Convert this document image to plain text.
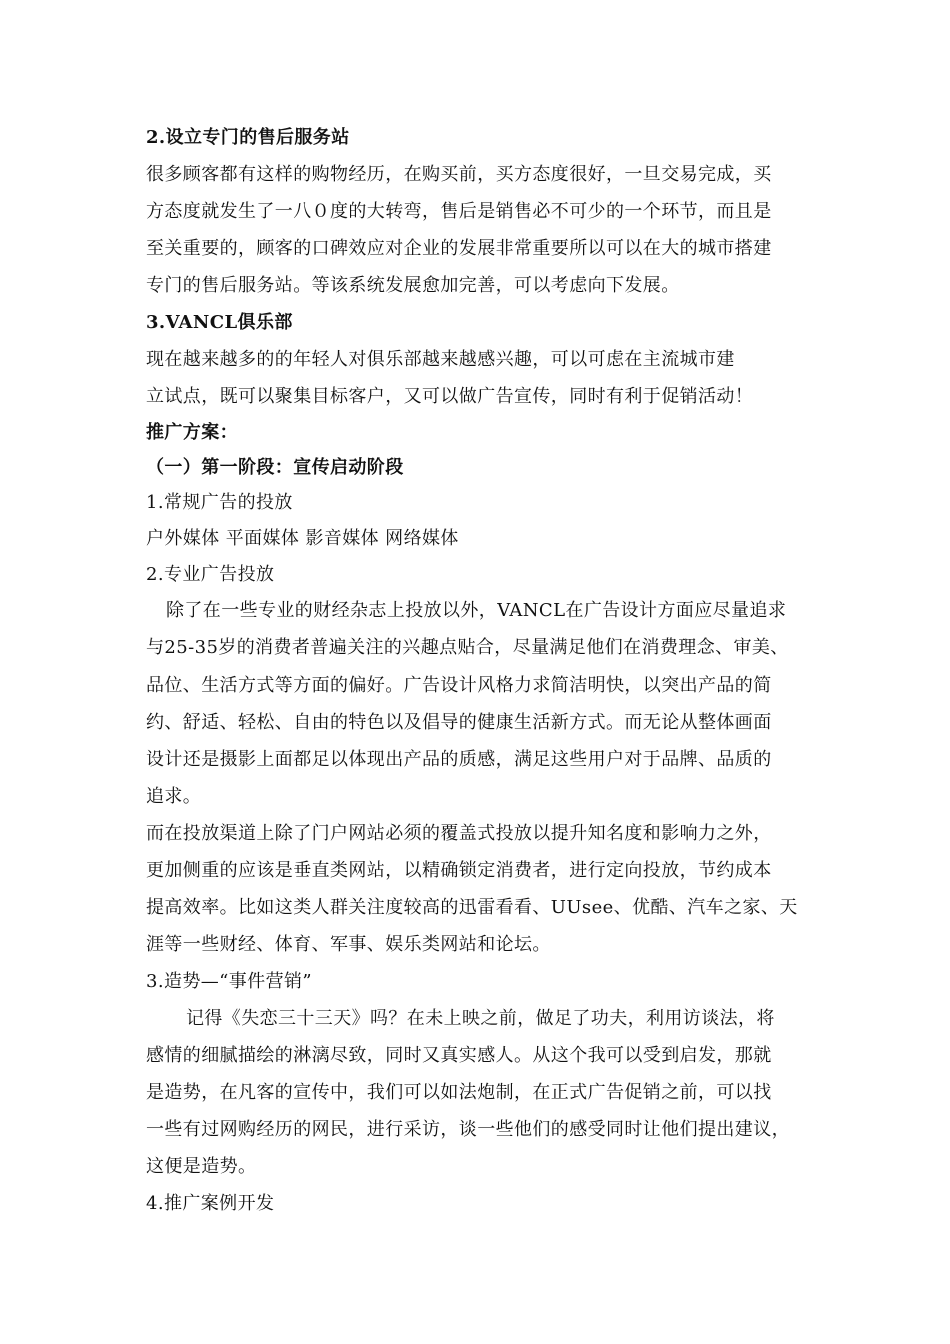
2.设立专门的售后服务站
很多顾客都有这样的购物经历，在购买前，买方态度很好，一旦交易完成，买
方态度就发生了一八０度的大转弯，售后是销售必不可少的一个环节，而且是
至关重要的，顾客的口碑效应对企业的发展非常重要所以可以在大的城市搭建
专门的售后服务站。等该系统发展愈加完善，可以考虑向下发展。
3.VANCL俱乐部
现在越来越多的的年轻人对俱乐部越来越感兴趣，可以可虑在主流城市建
立试点，既可以聚集目标客户，又可以做广告宣传，同时有利于促销活动！
推广方案：
（一）第一阶段：宣传启动阶段
1.常规广告的投放
户外媒体 平面媒体 影音媒体 网络媒体
2.专业广告投放
除了在一些专业的财经杂志上投放以外，VANCL在广告设计方面应尽量追求
与25-35岁的消费者普遍关注的兴趣点贴合，尽量满足他们在消费理念、审美、
品位、生活方式等方面的偏好。广告设计风格力求简洁明快，以突出产品的简
约、舒适、轻松、自由的特色以及倡导的健康生活新方式。而无论从整体画面
设计还是摄影上面都足以体现出产品的质感，满足这些用户对于品牌、品质的
追求。
而在投放渠道上除了门户网站必须的覆盖式投放以提升知名度和影响力之外，
更加侧重的应该是垂直类网站，以精确锁定消费者，进行定向投放，节约成本
提高效率。比如这类人群关注度较高的迅雷看看、UUsee、优酷、汽车之家、天
涯等一些财经、体育、军事、娱乐类网站和论坛。
3.造势—“事件营销”
记得《失恋三十三天》吗？在未上映之前，做足了功夫，利用访谈法，将
感情的细腻描绘的淋漓尽致，同时又真实感人。从这个我可以受到启发，那就
是造势，在凡客的宣传中，我们可以如法炮制，在正式广告促销之前，可以找
一些有过网购经历的网民，进行采访，谈一些他们的感受同时让他们提出建议，
这便是造势。
4.推广案例开发
